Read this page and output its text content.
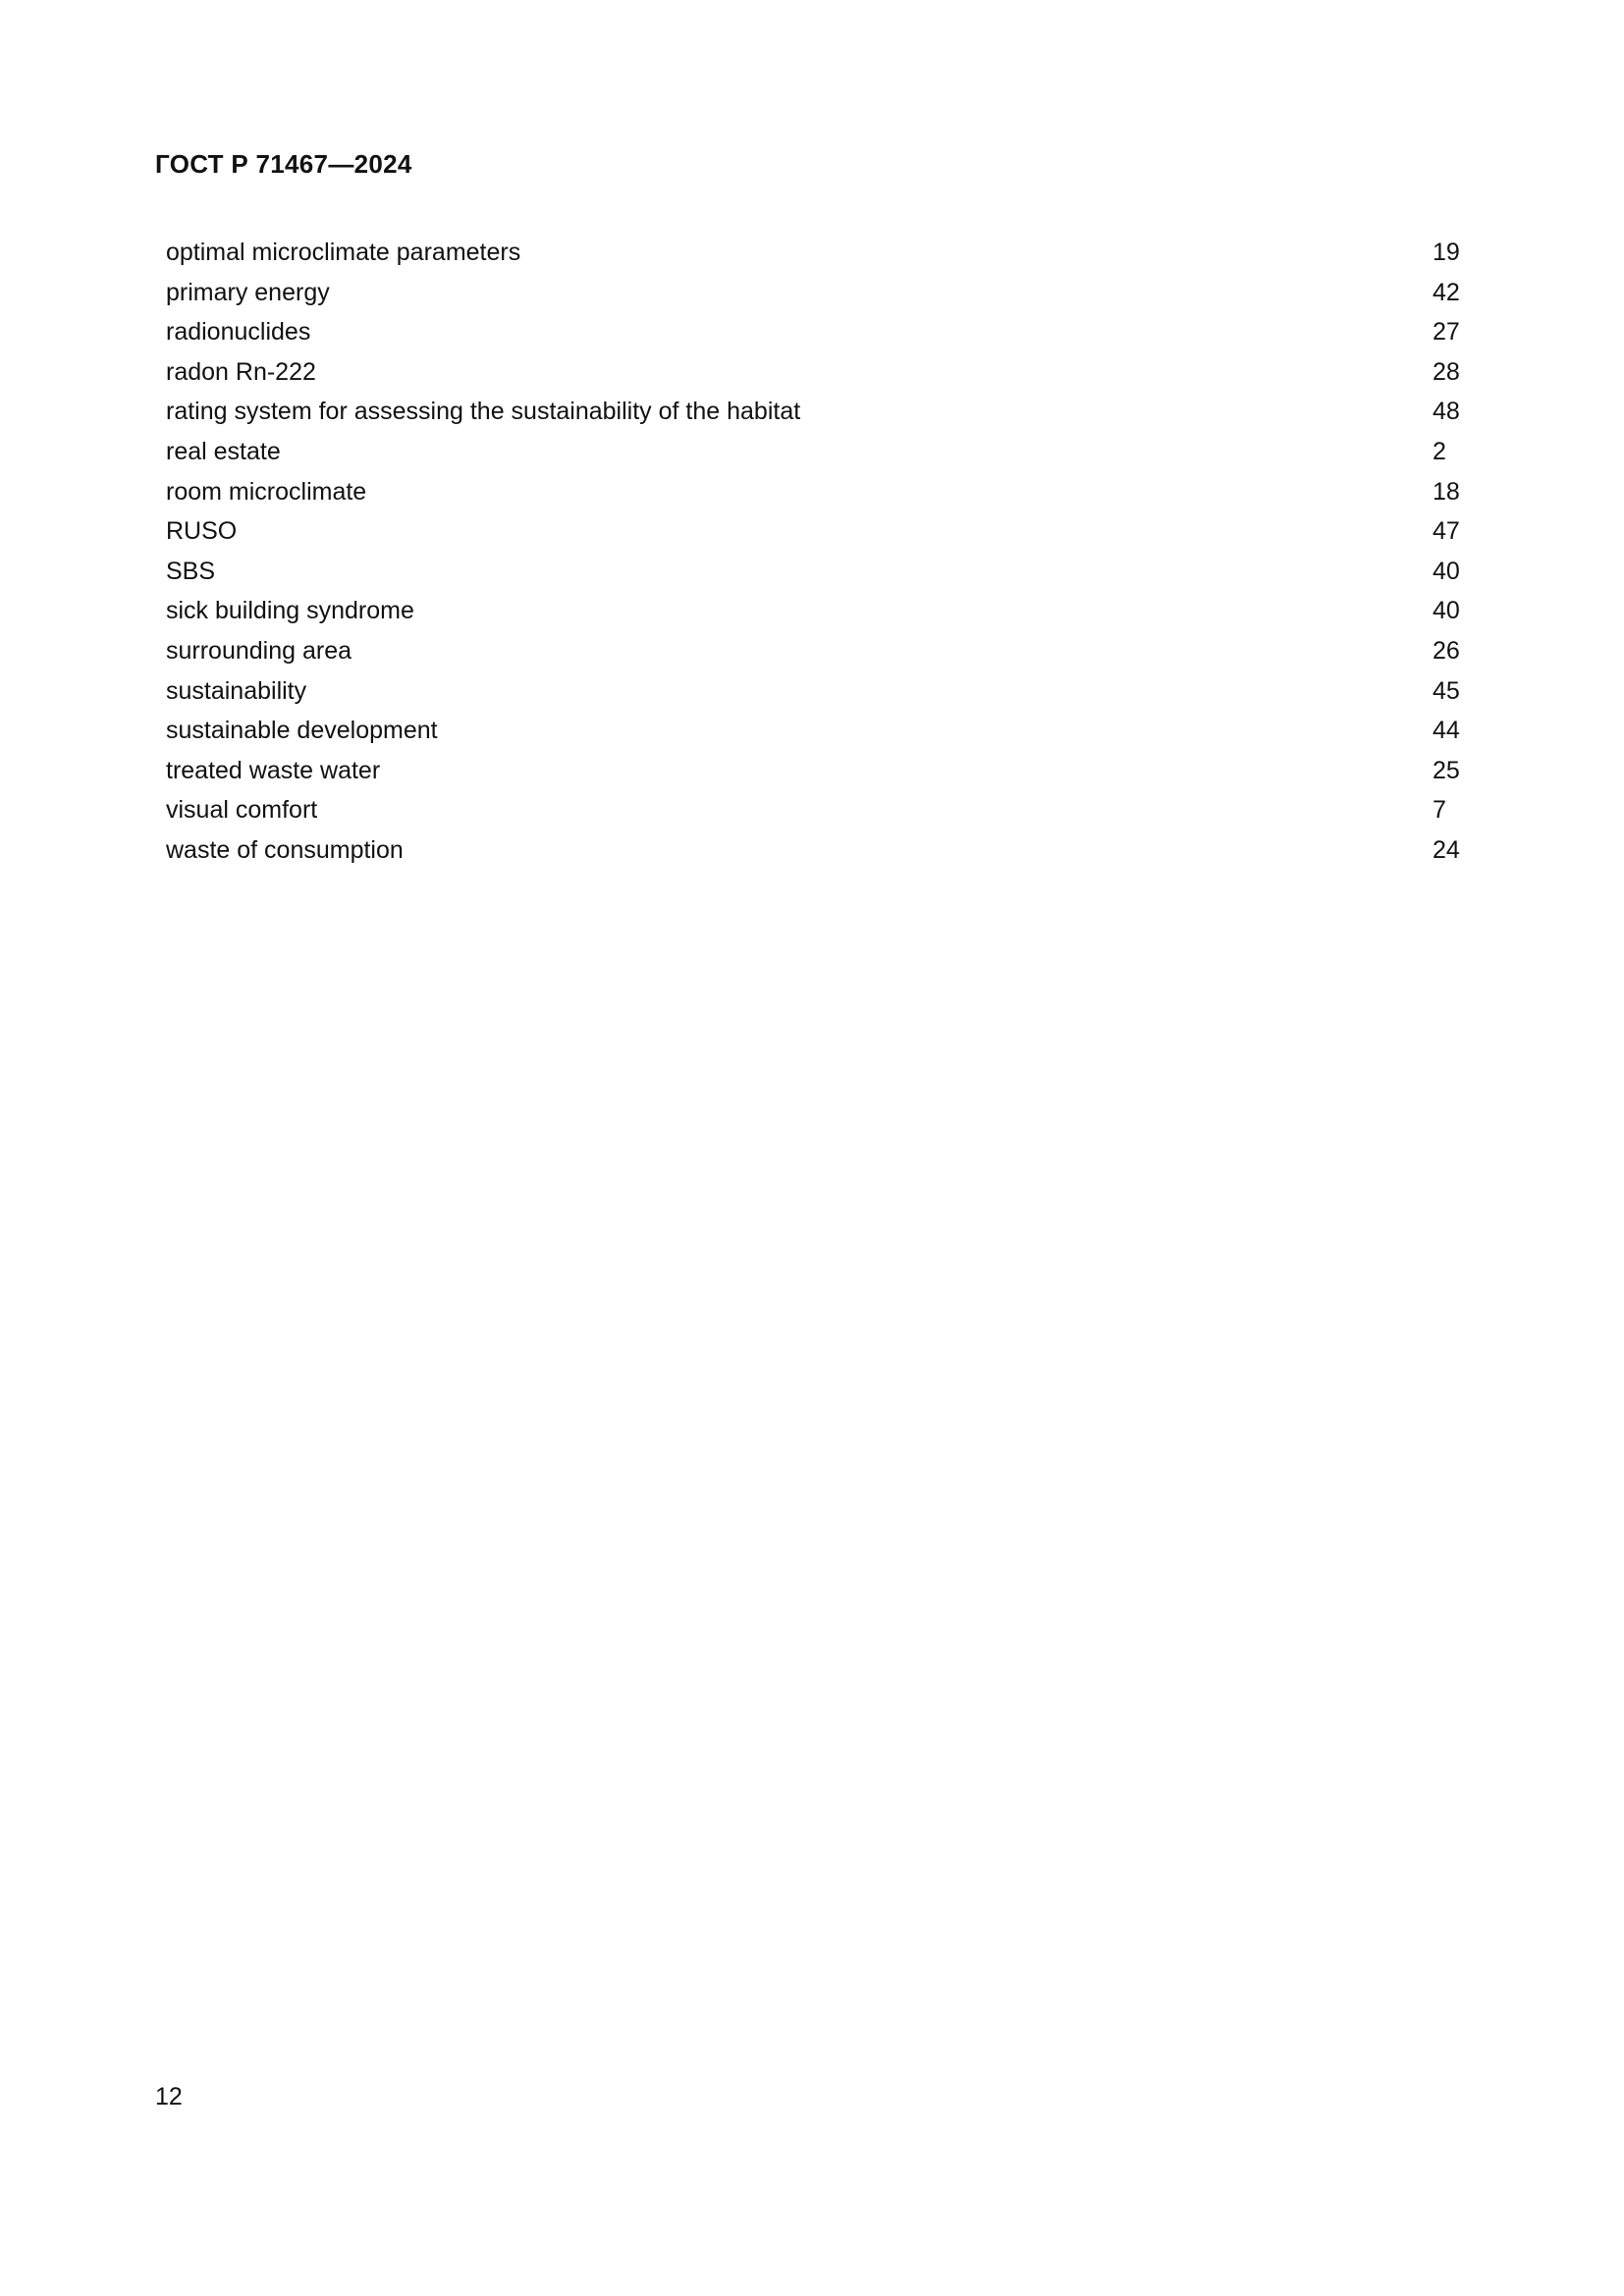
ГОСТ Р 71467—2024
optimal microclimate parameters	19
primary energy	42
radionuclides	27
radon Rn-222	28
rating system for assessing the sustainability of the habitat	48
real estate	2
room microclimate	18
RUSO	47
SBS	40
sick building syndrome	40
surrounding area	26
sustainability	45
sustainable development	44
treated waste water	25
visual comfort	7
waste of consumption	24
12
